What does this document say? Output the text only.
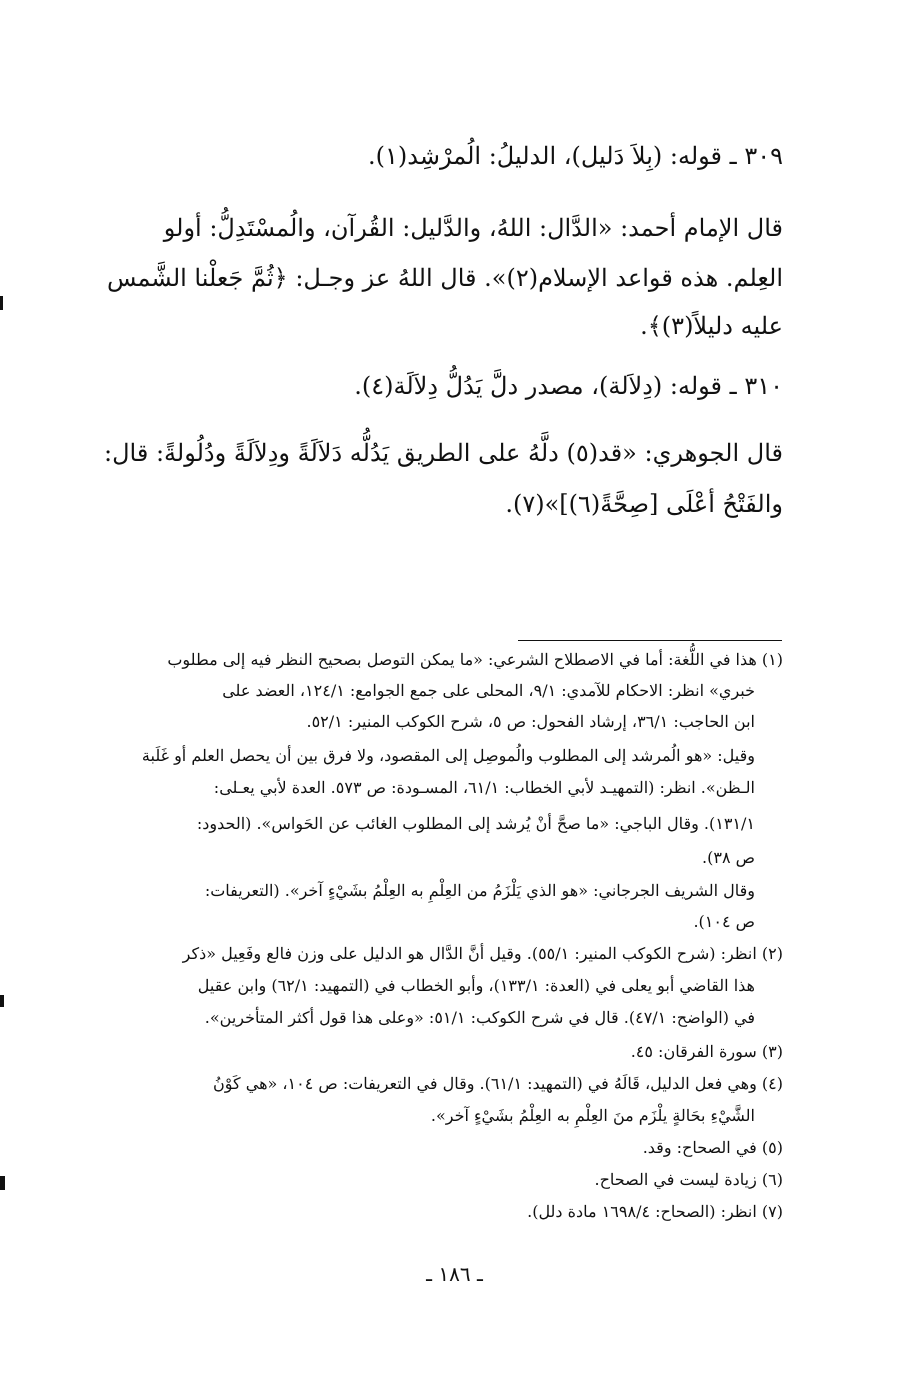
٣٠٩ ـ قوله: (بِلاَ دَليل)، الدليلُ: الُمرْشِد(١).
قال الإمام أحمد: «الدَّال: اللهُ، والدَّليل: القُرآن، والُمسْتَدِلُّ: أولو
العِلم. هذه قواعد الإسلام(٢)». قال اللهُ عز وجـل: ﴿ثُمَّ جَعلْنا الشَّمس
عليه دليلاً(٣)﴾.
٣١٠ ـ قوله: (دِلاَلة)، مصدر دلَّ يَدُلُّ دِلاَلَة(٤).
قال الجوهري: «قد(٥) دلَّهُ على الطريق يَدُلُّه دَلاَلَةً ودِلاَلَةً ودُلُولةً: قال:
والفَتْحُ أعْلَى [صِحَّةً(٦)]»(٧).
(١) هذا في اللُّغة: أما في الاصطلاح الشرعي: «ما يمكن التوصل بصحيح النظر فيه إلى مطلوب
خبري» انظر: الاحكام للآمدي: ٩/١، المحلى على جمع الجوامع: ١٢٤/١، العضد على
ابن الحاجب: ٣٦/١، إرشاد الفحول: ص ٥، شرح الكوكب المنير: ٥٢/١.
وقيل: «هو الُمرشد إلى المطلوب والُموصِل إلى المقصود، ولا فرق بين أن يحصل العلم أو غَلَبة
الـظن». انظر: (التمهيـد لأبي الخطاب: ٦١/١، المسـودة: ص ٥٧٣. العدة لأبي يعـلى:
١٣١/١). وقال الباجي: «ما صحَّ أنْ يُرشد إلى المطلوب الغائب عن الحَواس». (الحدود:
ص ٣٨).
وقال الشريف الجرجاني: «هو الذي يَلْزَمُ من العِلْمِ به العِلْمُ بشَيْءٍ آخر». (التعريفات:
ص ١٠٤).
(٢) انظر: (شرح الكوكب المنير: ٥٥/١). وقيل أنَّ الدَّال هو الدليل على وزن فالع وفَعِيل «ذكر
هذا القاضي أبو يعلى في (العدة: ١٣٣/١)، وأبو الخطاب في (التمهيد: ٦٢/١) وابن عقيل
في (الواضح: ٤٧/١). قال في شرح الكوكب: ٥١/١: «وعلى هذا قول أكثر المتأخرين».
(٣) سورة الفرقان: ٤٥.
(٤) وهي فعل الدليل، قَالَهُ في (التمهيد: ٦١/١). وقال في التعريفات: ص ١٠٤، «هي كَوْنُ
الشَّيْءِ بحَالةٍ يلْزَم منَ العِلْمِ به العِلْمُ بشَيْءٍ آخر».
(٥) في الصحاح: وقد.
(٦) زيادة ليست في الصحاح.
(٧) انظر: (الصحاح: ١٦٩٨/٤ مادة دلل).
ـ ١٨٦ ـ
